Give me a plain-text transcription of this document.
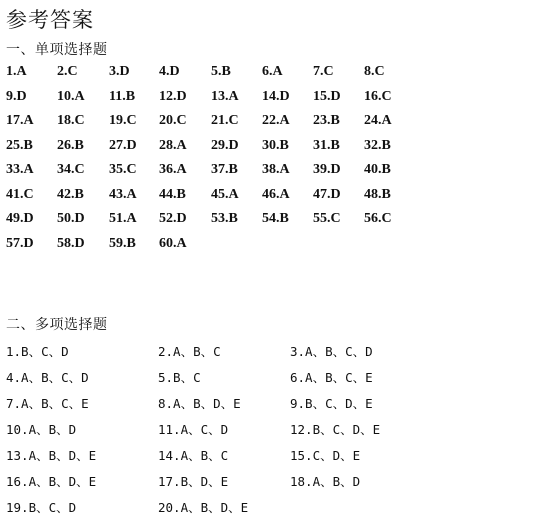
参考答案
一、单项选择题
1.A 2.C 3.D 4.D 5.B 6.A 7.C 8.C
9.D 10.A 11.B 12.D 13.A 14.D 15.D 16.C
17.A 18.C 19.C 20.C 21.C 22.A 23.B 24.A
25.B 26.B 27.D 28.A 29.D 30.B 31.B 32.B
33.A 34.C 35.C 36.A 37.B 38.A 39.D 40.B
41.C 42.B 43.A 44.B 45.A 46.A 47.D 48.B
49.D 50.D 51.A 52.D 53.B 54.B 55.C 56.C
57.D 58.D 59.B 60.A
二、多项选择题
1.B、C、D	2.A、B、C	3.A、B、C、D
4.A、B、C、D	5.B、C	6.A、B、C、E
7.A、B、C、E	8.A、B、D、E	9.B、C、D、E
10.A、B、D	11.A、C、D	12.B、C、D、E
13.A、B、D、E	14.A、B、C	15.C、D、E
16.A、B、D、E	17.B、D、E	18.A、B、D
19.B、C、D	20.A、B、D、E
